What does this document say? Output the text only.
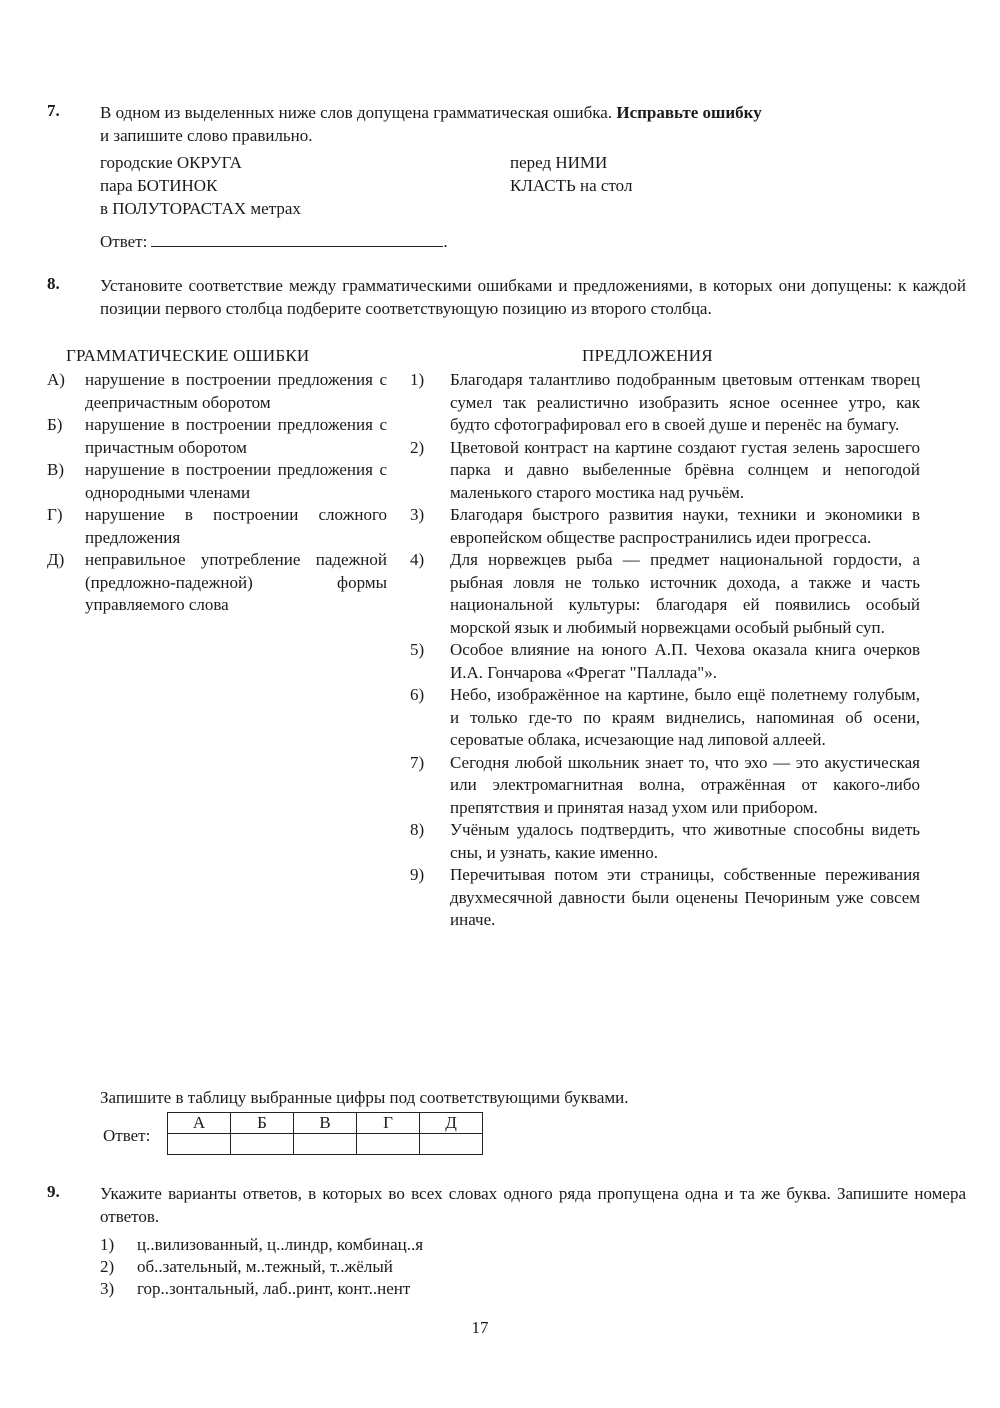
7. В одном из выделенных ниже слов допущена грамматическая ошибка. Исправьте ошибку
и запишите слово правильно.
городские ОКРУГА
пара БОТИНОК
в ПОЛУТОРАСТАХ метрах
перед НИМИ
КЛАСТЬ на стол
Ответ:	.
8. Установите соответствие между грамматическими ошибками и предложениями, в которых они допущены: к каждой позиции первого столбца подберите соответствующую позицию из второго столбца.
ГРАММАТИЧЕСКИЕ ОШИБКИ	ПРЕДЛОЖЕНИЯ
А) нарушение в построении предложения с деепричастным оборотом
Б) нарушение в построении предложения с причастным оборотом
В) нарушение в построении предложения с однородными членами
Г) нарушение в построении сложного предложения
Д) неправильное употребление падежной (предложно-падежной) формы управляемого слова
1) Благодаря талантливо подобранным цветовым оттенкам творец сумел так реалистично изобразить ясное осеннее утро, как будто сфотографировал его в своей душе и перенёс на бумагу.
2) Цветовой контраст на картине создают густая зелень заросшего парка и давно выбеленные брёвна солнцем и непогодой маленького старого мостика над ручьём.
3) Благодаря быстрого развития науки, техники и экономики в европейском обществе распространились идеи прогресса.
4) Для норвежцев рыба — предмет национальной гордости, а рыбная ловля не только источник дохода, а также и часть национальной культуры: благодаря ей появились особый морской язык и любимый норвежцами особый рыбный суп.
5) Особое влияние на юного А.П. Чехова оказала книга очерков И.А. Гончарова «Фрегат "Паллада"».
6) Небо, изображённое на картине, было ещё полетнему голубым, и только где-то по краям виднелись, напоминая об осени, сероватые облака, исчезающие над липовой аллеей.
7) Сегодня любой школьник знает то, что эхо — это акустическая или электромагнитная волна, отражённая от какого-либо препятствия и принятая назад ухом или прибором.
8) Учёным удалось подтвердить, что животные способны видеть сны, и узнать, какие именно.
9) Перечитывая потом эти страницы, собственные переживания двухмесячной давности были оценены Печориным уже совсем иначе.
Запишите в таблицу выбранные цифры под соответствующими буквами.
Ответ:
А	Б	В	Г	Д

9. Укажите варианты ответов, в которых во всех словах одного ряда пропущена одна и та же буква. Запишите номера ответов.
1) ц..вилизованный, ц..линдр, комбинац..я
2) об..зательный, м..тежный, т..жёлый
3) гор..зонтальный, лаб..ринт, конт..нент
17
